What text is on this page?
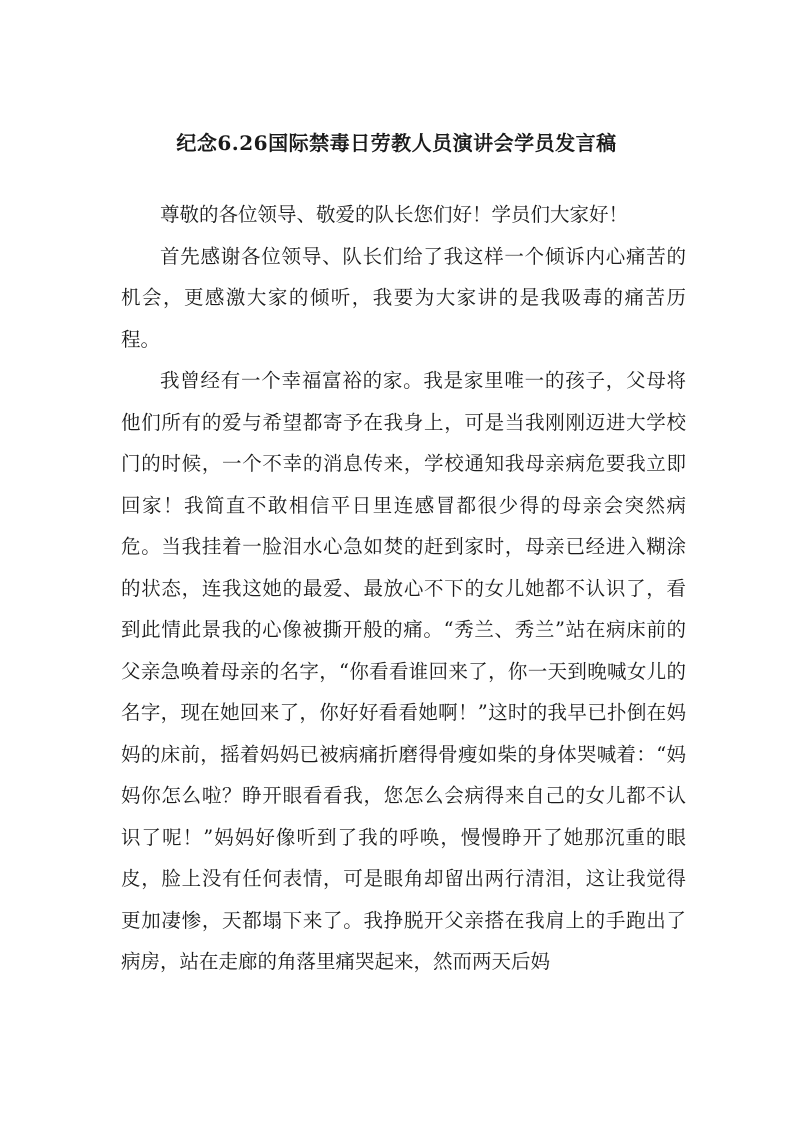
纪念6.26国际禁毒日劳教人员演讲会学员发言稿

尊敬的各位领导、敬爱的队长您们好！学员们大家好！

首先感谢各位领导、队长们给了我这样一个倾诉内心痛苦的机会，更感激大家的倾听，我要为大家讲的是我吸毒的痛苦历程。

我曾经有一个幸福富裕的家。我是家里唯一的孩子，父母将他们所有的爱与希望都寄予在我身上，可是当我刚刚迈进大学校门的时候，一个不幸的消息传来，学校通知我母亲病危要我立即回家！我简直不敢相信平日里连感冒都很少得的母亲会突然病危。当我挂着一脸泪水心急如焚的赶到家时，母亲已经进入糊涂的状态，连我这她的最爱、最放心不下的女儿她都不认识了，看到此情此景我的心像被撕开般的痛。“秀兰、秀兰”站在病床前的父亲急唤着母亲的名字，“你看看谁回来了，你一天到晚喊女儿的名字，现在她回来了，你好好看看她啊！”这时的我早已扑倒在妈妈的床前，摇着妈妈已被病痛折磨得骨瘦如柴的身体哭喊着：“妈妈你怎么啦？睁开眼看看我，您怎么会病得来自己的女儿都不认识了呢！”妈妈好像听到了我的呼唤，慢慢睁开了她那沉重的眼皮，脸上没有任何表情，可是眼角却留出两行清泪，这让我觉得更加凄惨，天都塌下来了。我挣脱开父亲搭在我肩上的手跑出了病房，站在走廊的角落里痛哭起来，然而两天后妈
